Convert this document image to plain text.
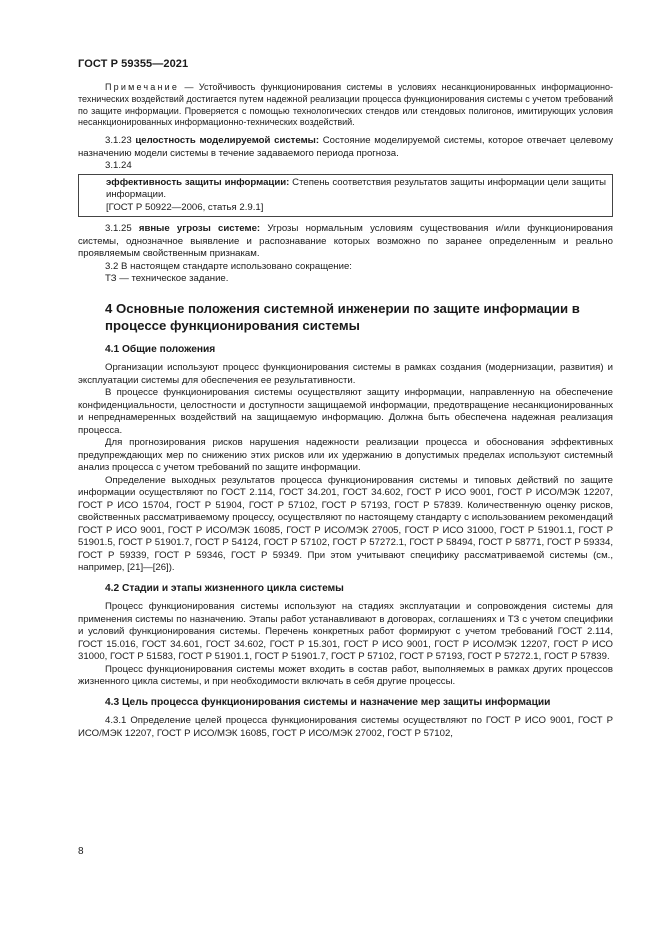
ГОСТ Р 59355—2021

Примечание — Устойчивость функционирования системы в условиях несанкционированных информационно-технических воздействий достигается путем надежной реализации процесса функционирования системы с учетом требований по защите информации. Проверяется с помощью технологических стендов или стендовых полигонов, имитирующих условия несанкционированных информационно-технических воздействий.

3.1.23 целостность моделируемой системы: Состояние моделируемой системы, которое отвечает целевому назначению модели системы в течение задаваемого периода прогноза.

3.1.24

эффективность защиты информации: Степень соответствия результатов защиты информации цели защиты информации.

[ГОСТ Р 50922—2006, статья 2.9.1]

3.1.25 явные угрозы системе: Угрозы нормальным условиям существования и/или функционирования системы, однозначное выявление и распознавание которых возможно по заранее определенным и реально проявляемым свойственным признакам.

3.2 В настоящем стандарте использовано сокращение:

ТЗ — техническое задание.

4 Основные положения системной инженерии по защите информации в процессе функционирования системы
4.1 Общие положения

Организации используют процесс функционирования системы в рамках создания (модернизации, развития) и эксплуатации системы для обеспечения ее результативности.

В процессе функционирования системы осуществляют защиту информации, направленную на обеспечение конфиденциальности, целостности и доступности защищаемой информации, предотвращение несанкционированных и непреднамеренных воздействий на защищаемую информацию. Должна быть обеспечена надежная реализация процесса.

Для прогнозирования рисков нарушения надежности реализации процесса и обоснования эффективных предупреждающих мер по снижению этих рисков или их удержанию в допустимых пределах используют системный анализ процесса с учетом требований по защите информации.

Определение выходных результатов процесса функционирования системы и типовых действий по защите информации осуществляют по ГОСТ 2.114, ГОСТ 34.201, ГОСТ 34.602, ГОСТ Р ИСО 9001, ГОСТ Р ИСО/МЭК 12207, ГОСТ Р ИСО 15704, ГОСТ Р 51904, ГОСТ Р 57102, ГОСТ Р 57193, ГОСТ Р 57839. Количественную оценку рисков, свойственных рассматриваемому процессу, осуществляют по настоящему стандарту с использованием рекомендаций ГОСТ Р ИСО 9001, ГОСТ Р ИСО/МЭК 16085, ГОСТ Р ИСО/МЭК 27005, ГОСТ Р ИСО 31000, ГОСТ Р 51901.1, ГОСТ Р 51901.5, ГОСТ Р 51901.7, ГОСТ Р 54124, ГОСТ Р 57102, ГОСТ Р 57272.1, ГОСТ Р 58494, ГОСТ Р 58771, ГОСТ Р 59334, ГОСТ Р 59339, ГОСТ Р 59346, ГОСТ Р 59349. При этом учитывают специфику рассматриваемой системы (см., например, [21]—[26]).

4.2 Стадии и этапы жизненного цикла системы

Процесс функционирования системы используют на стадиях эксплуатации и сопровождения системы для применения системы по назначению. Этапы работ устанавливают в договорах, соглашениях и ТЗ с учетом специфики и условий функционирования системы. Перечень конкретных работ формируют с учетом требований ГОСТ 2.114, ГОСТ 15.016, ГОСТ 34.601, ГОСТ 34.602, ГОСТ Р 15.301, ГОСТ Р ИСО 9001, ГОСТ Р ИСО/МЭК 12207, ГОСТ Р ИСО 31000, ГОСТ Р 51583, ГОСТ Р 51901.1, ГОСТ Р 51901.7, ГОСТ Р 57102, ГОСТ Р 57193, ГОСТ Р 57272.1, ГОСТ Р 57839.

Процесс функционирования системы может входить в состав работ, выполняемых в рамках других процессов жизненного цикла системы, и при необходимости включать в себя другие процессы.

4.3 Цель процесса функционирования системы и назначение мер защиты информации

4.3.1 Определение целей процесса функционирования системы осуществляют по ГОСТ Р ИСО 9001, ГОСТ Р ИСО/МЭК 12207, ГОСТ Р ИСО/МЭК 16085, ГОСТ Р ИСО/МЭК 27002, ГОСТ Р 57102,

8
